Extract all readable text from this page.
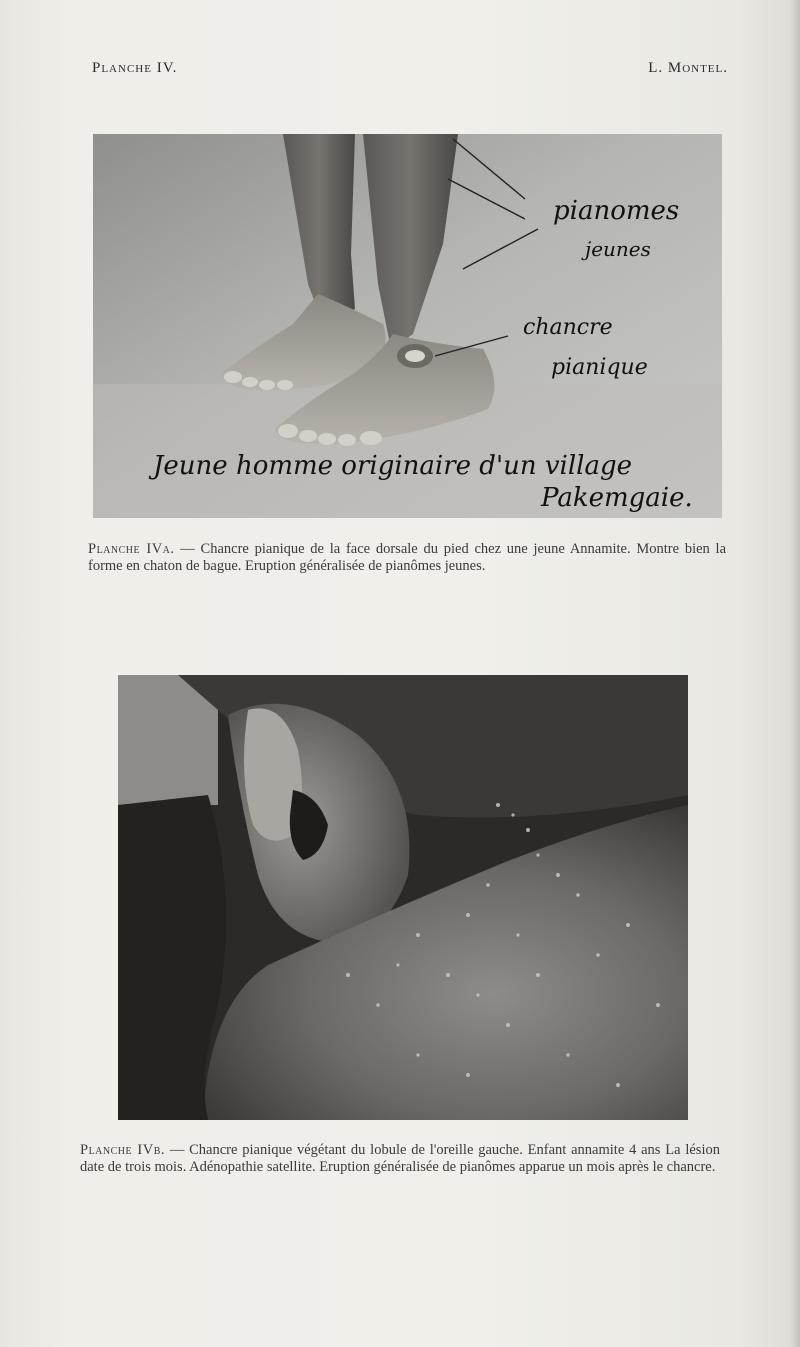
Planche IV.	L. Montel.
pianomes
jeunes
chancre
pianique
Jeune homme originaire d'un village
Pakemgaie.
Planche IVa. — Chancre pianique de la face dorsale du pied chez une jeune Annamite. Montre bien la forme en chaton de bague. Eruption généralisée de pianômes jeunes.
Planche IVb. — Chancre pianique végétant du lobule de l'oreille gauche. Enfant annamite 4 ans La lésion date de trois mois. Adénopathie satellite. Eruption généralisée de pianômes apparue un mois après le chancre.
